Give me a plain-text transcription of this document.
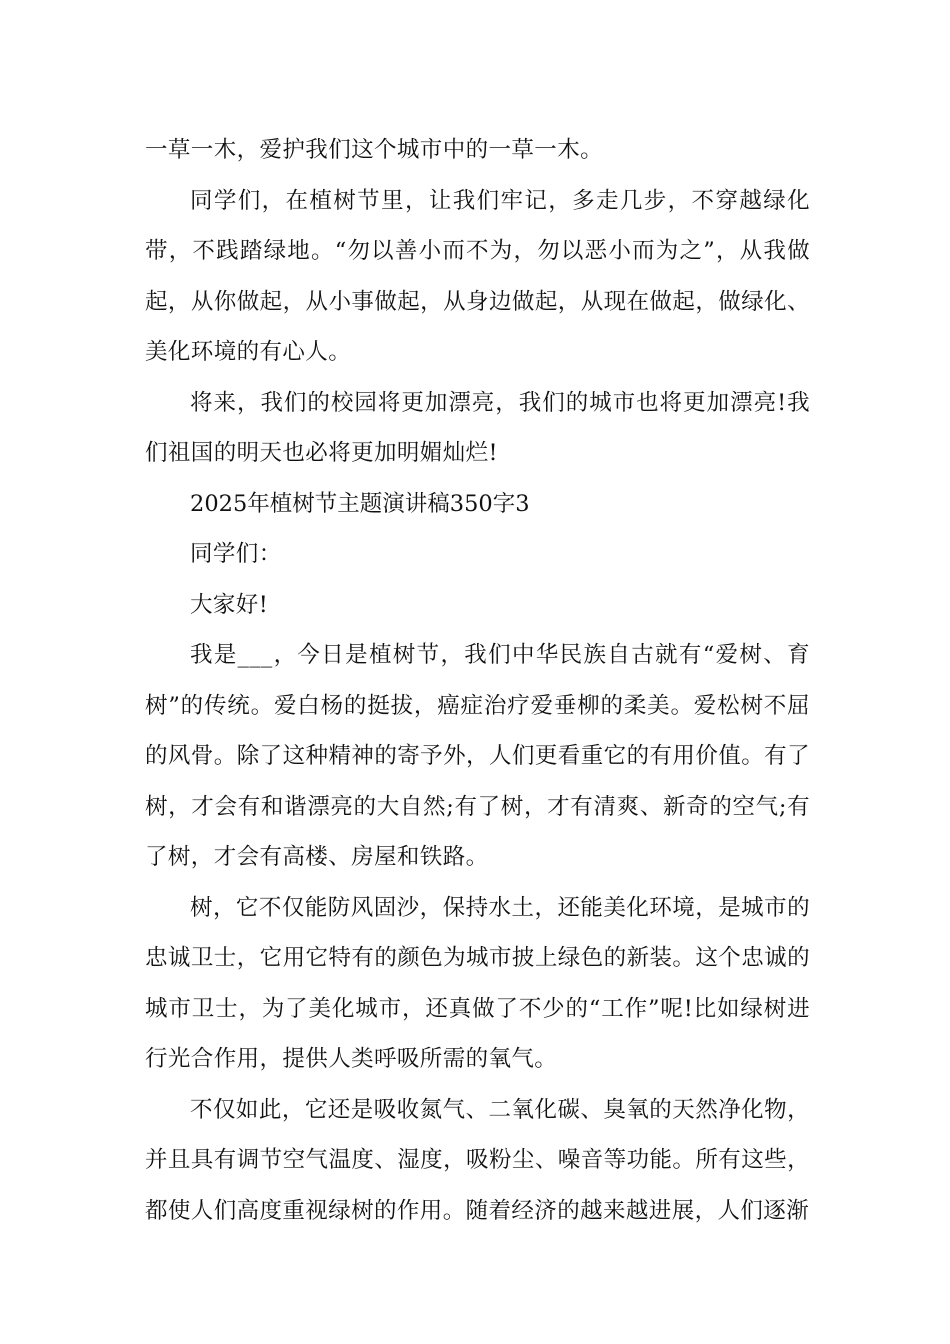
一草一木，爱护我们这个城市中的一草一木。

同学们，在植树节里，让我们牢记，多走几步，不穿越绿化带，不践踏绿地。“勿以善小而不为，勿以恶小而为之”，从我做起，从你做起，从小事做起，从身边做起，从现在做起，做绿化、美化环境的有心人。

将来，我们的校园将更加漂亮，我们的城市也将更加漂亮!我们祖国的明天也必将更加明媚灿烂!

2025年植树节主题演讲稿350字3

同学们：

大家好!

我是___，今日是植树节，我们中华民族自古就有“爱树、育树”的传统。爱白杨的挺拔，癌症治疗爱垂柳的柔美。爱松树不屈的风骨。除了这种精神的寄予外，人们更看重它的有用价值。有了树，才会有和谐漂亮的大自然;有了树，才有清爽、新奇的空气;有了树，才会有高楼、房屋和铁路。

树，它不仅能防风固沙，保持水土，还能美化环境，是城市的忠诚卫士，它用它特有的颜色为城市披上绿色的新装。这个忠诚的城市卫士，为了美化城市，还真做了不少的“工作”呢!比如绿树进行光合作用，提供人类呼吸所需的氧气。

不仅如此，它还是吸收氮气、二氧化碳、臭氧的天然净化物，并且具有调节空气温度、湿度，吸粉尘、噪音等功能。所有这些，都使人们高度重视绿树的作用。随着经济的越来越进展，人们逐渐
